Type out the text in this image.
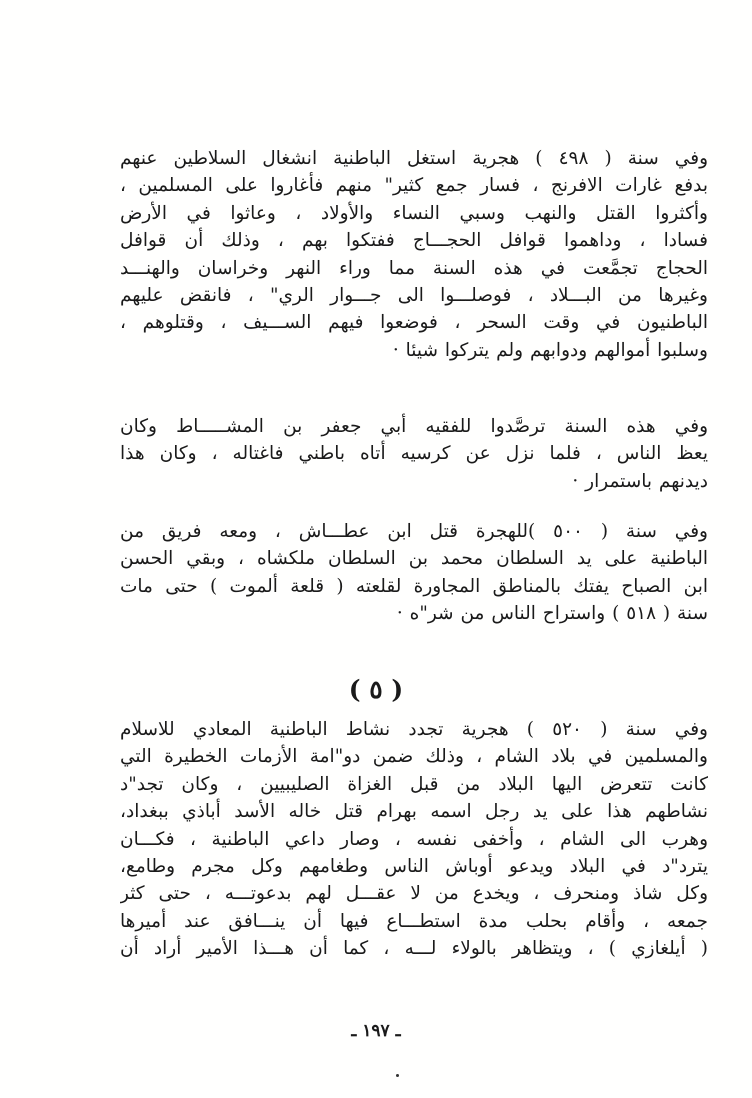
وفي سنة ( ٤٩٨ ) هجرية استغل الباطنية انشغال السلاطين عنهم
بدفع غارات الافرنج ، فسار جمع كثير" منهم فأغاروا على المسلمين ،
وأكثروا القتل والنهب وسبي النساء والأولاد ، وعاثوا في الأرض
فسادا ، وداهموا قوافل الحجـــاج ففتكوا بهم ، وذلك أن قوافل
الحجاج تجمَّعت في هذه السنة مما وراء النهر وخراسان والهنـــد
وغيرها من البـــلاد ، فوصلـــوا الى جـــوار الري" ، فانقض عليهم
الباطنيون في وقت السحر ، فوضعوا فيهم الســـيف ، وقتلوهم ،
وسلبوا أموالهم ودوابهم ولم يتركوا شيئا ·
وفي هذه السنة ترصَّدوا للفقيه أبي جعفر بن المشـــــاط وكان
يعظ الناس ، فلما نزل عن كرسيه أتاه باطني فاغتاله ، وكان هذا
ديدنهم باستمرار ·
وفي سنة ( ٥٠٠ )للهجرة قتل ابن عطـــاش ، ومعه فريق من
الباطنية على يد السلطان محمد بن السلطان ملكشاه ، وبقي الحسن
ابن الصباح يفتك بالمناطق المجاورة لقلعته ( قلعة ألموت ) حتى مات
سنة ( ٥١٨ ) واستراح الناس من شر"ه ·
( ٥ )
وفي سنة ( ٥٢٠ ) هجرية تجدد نشاط الباطنية المعادي للاسلام
والمسلمين في بلاد الشام ، وذلك ضمن دو"امة الأزمات الخطيرة التي
كانت تتعرض اليها البلاد من قبل الغزاة الصليبيين ، وكان تجد"د
نشاطهم هذا على يد رجل اسمه بهرام قتل خاله الأسد أباذي ببغداد،
وهرب الى الشام ، وأخفى نفسه ، وصار داعي الباطنية ، فكـــان
يترد"د في البلاد ويدعو أوباش الناس وطغامهم وكل مجرم وطامع،
وكل شاذ ومنحرف ، ويخدع من لا عقـــل لهم بدعوتـــه ، حتى كثر
جمعه ، وأقام بحلب مدة استطـــاع فيها أن ينـــافق عند أميرها
( أيلغازي ) ، ويتظاهر بالولاء لـــه ، كما أن هـــذا الأمير أراد أن
ـ ١٩٧ ـ
